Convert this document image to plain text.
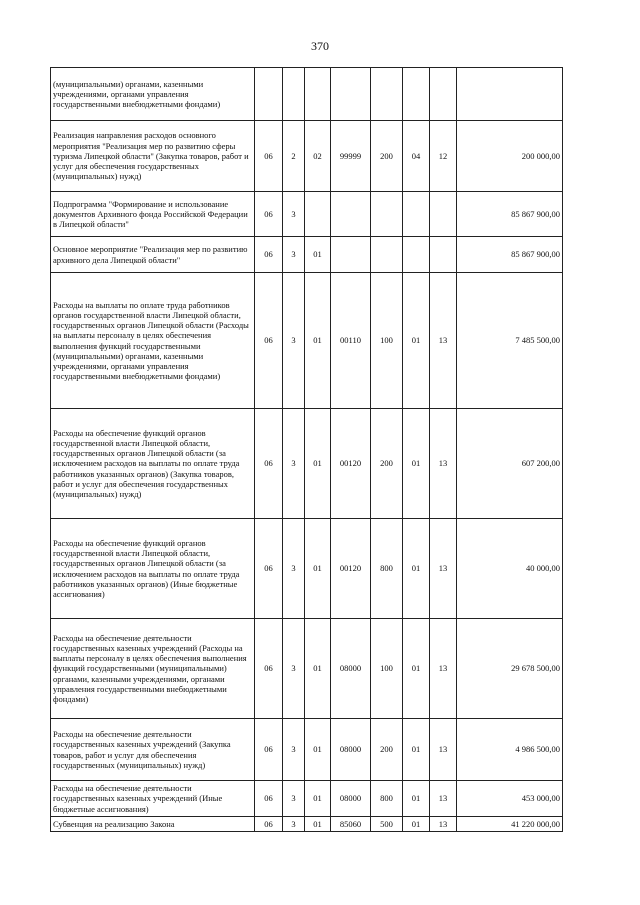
370
(муниципальными) органами, казенными учреждениями, органами управления государственными внебюджетными фондами)								
Реализация направления расходов основного мероприятия "Реализация мер по развитию сферы туризма Липецкой области" (Закупка товаров, работ и услуг для обеспечения государственных (муниципальных) нужд)	06	2	02	99999	200	04	12	200 000,00
Подпрограмма "Формирование и использование документов Архивного фонда Российской Федерации в Липецкой области"	06	3						85 867 900,00
Основное мероприятие "Реализация мер по развитию архивного дела Липецкой области"	06	3	01					85 867 900,00
Расходы на выплаты по оплате труда работников органов государственной власти Липецкой области, государственных органов Липецкой области (Расходы на выплаты персоналу в целях обеспечения выполнения функций государственными (муниципальными) органами, казенными учреждениями, органами управления государственными внебюджетными фондами)	06	3	01	00110	100	01	13	7 485 500,00
Расходы на обеспечение функций органов государственной власти Липецкой области, государственных органов Липецкой области (за исключением расходов на выплаты по оплате труда работников указанных органов) (Закупка товаров, работ и услуг для обеспечения государственных (муниципальных) нужд)	06	3	01	00120	200	01	13	607 200,00
Расходы на обеспечение функций органов государственной власти Липецкой области, государственных органов Липецкой области (за исключением расходов на выплаты по оплате труда работников указанных органов) (Иные бюджетные ассигнования)	06	3	01	00120	800	01	13	40 000,00
Расходы на обеспечение деятельности государственных казенных учреждений (Расходы на выплаты персоналу в целях обеспечения выполнения функций государственными (муниципальными) органами, казенными учреждениями, органами управления государственными внебюджетными фондами)	06	3	01	08000	100	01	13	29 678 500,00
Расходы на обеспечение деятельности государственных казенных учреждений (Закупка товаров, работ и услуг для обеспечения государственных (муниципальных) нужд)	06	3	01	08000	200	01	13	4 986 500,00
Расходы на обеспечение деятельности государственных казенных учреждений (Иные бюджетные ассигнования)	06	3	01	08000	800	01	13	453 000,00
Субвенция на реализацию Закона	06	3	01	85060	500	01	13	41 220 000,00
